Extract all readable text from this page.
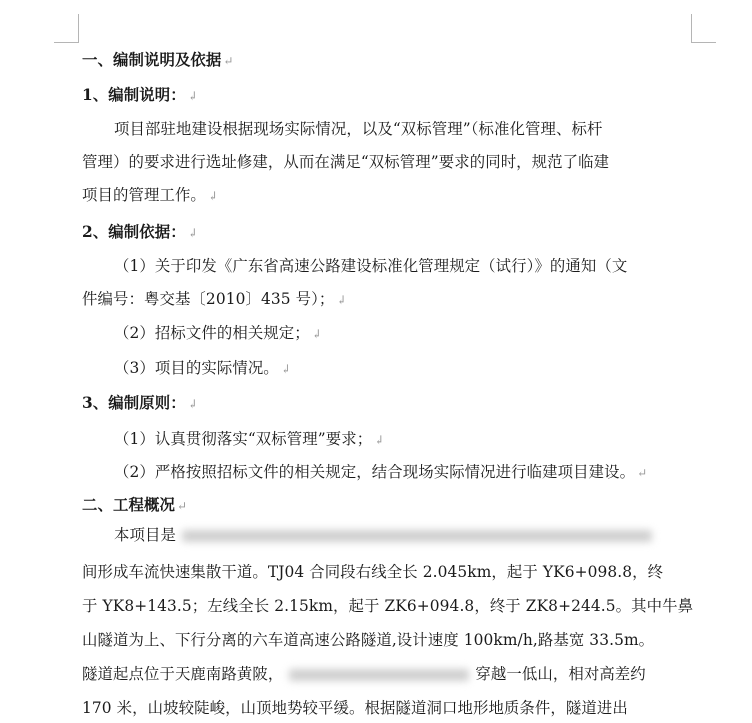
一、编制说明及依据 ↵
1、编制说明： ↲
项目部驻地建设根据现场实际情况，以及“双标管理”（标准化管理、标杆
管理）的要求进行选址修建，从而在满足“双标管理”要求的同时，规范了临建
项目的管理工作。 ↲
2、编制依据： ↲
（1）关于印发《广东省高速公路建设标准化管理规定（试行）》的通知（文
件编号：粤交基〔2010〕435 号）； ↲
（2）招标文件的相关规定； ↲
（3）项目的实际情况。 ↲
3、编制原则： ↲
（1）认真贯彻落实“双标管理”要求； ↲
（2）严格按照招标文件的相关规定，结合现场实际情况进行临建项目建设。 ↵
二、工程概况 ↵
本项目是
间形成车流快速集散干道。TJ04 合同段右线全长 2.045km，起于 YK6+098.8，终
于 YK8+143.5；左线全长 2.15km，起于 ZK6+094.8，终于 ZK8+244.5。其中牛鼻
山隧道为上、下行分离的六车道高速公路隧道,设计速度 100km/h,路基宽 33.5m。
隧道起点位于天鹿南路黄陂，	穿越一低山，相对高差约
170 米，山坡较陡峻，山顶地势较平缓。根据隧道洞口地形地质条件，隧道进出
